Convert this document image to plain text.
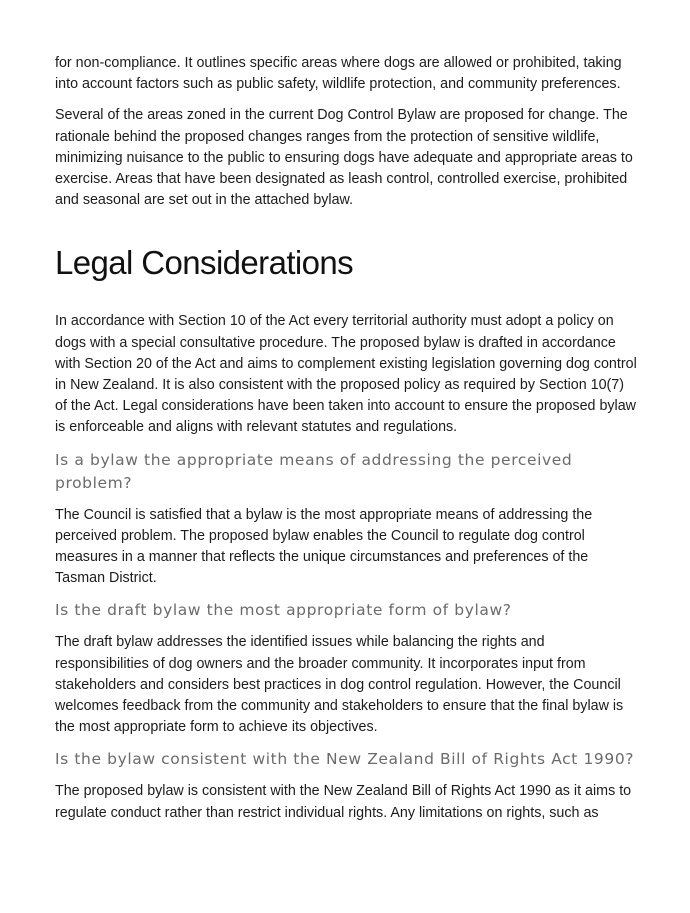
for non-compliance. It outlines specific areas where dogs are allowed or prohibited, taking into account factors such as public safety, wildlife protection, and community preferences.

Several of the areas zoned in the current Dog Control Bylaw are proposed for change. The rationale behind the proposed changes ranges from the protection of sensitive wildlife, minimizing nuisance to the public to ensuring dogs have adequate and appropriate areas to exercise. Areas that have been designated as leash control, controlled exercise, prohibited and seasonal are set out in the attached bylaw.

Legal Considerations

In accordance with Section 10 of the Act every territorial authority must adopt a policy on dogs with a special consultative procedure. The proposed bylaw is drafted in accordance with Section 20 of the Act and aims to complement existing legislation governing dog control in New Zealand. It is also consistent with the proposed policy as required by Section 10(7) of the Act. Legal considerations have been taken into account to ensure the proposed bylaw is enforceable and aligns with relevant statutes and regulations.

Is a bylaw the appropriate means of addressing the perceived problem?

The Council is satisfied that a bylaw is the most appropriate means of addressing the perceived problem. The proposed bylaw enables the Council to regulate dog control measures in a manner that reflects the unique circumstances and preferences of the Tasman District.

Is the draft bylaw the most appropriate form of bylaw?

The draft bylaw addresses the identified issues while balancing the rights and responsibilities of dog owners and the broader community. It incorporates input from stakeholders and considers best practices in dog control regulation. However, the Council welcomes feedback from the community and stakeholders to ensure that the final bylaw is the most appropriate form to achieve its objectives.

Is the bylaw consistent with the New Zealand Bill of Rights Act 1990?

The proposed bylaw is consistent with the New Zealand Bill of Rights Act 1990 as it aims to regulate conduct rather than restrict individual rights. Any limitations on rights, such as
